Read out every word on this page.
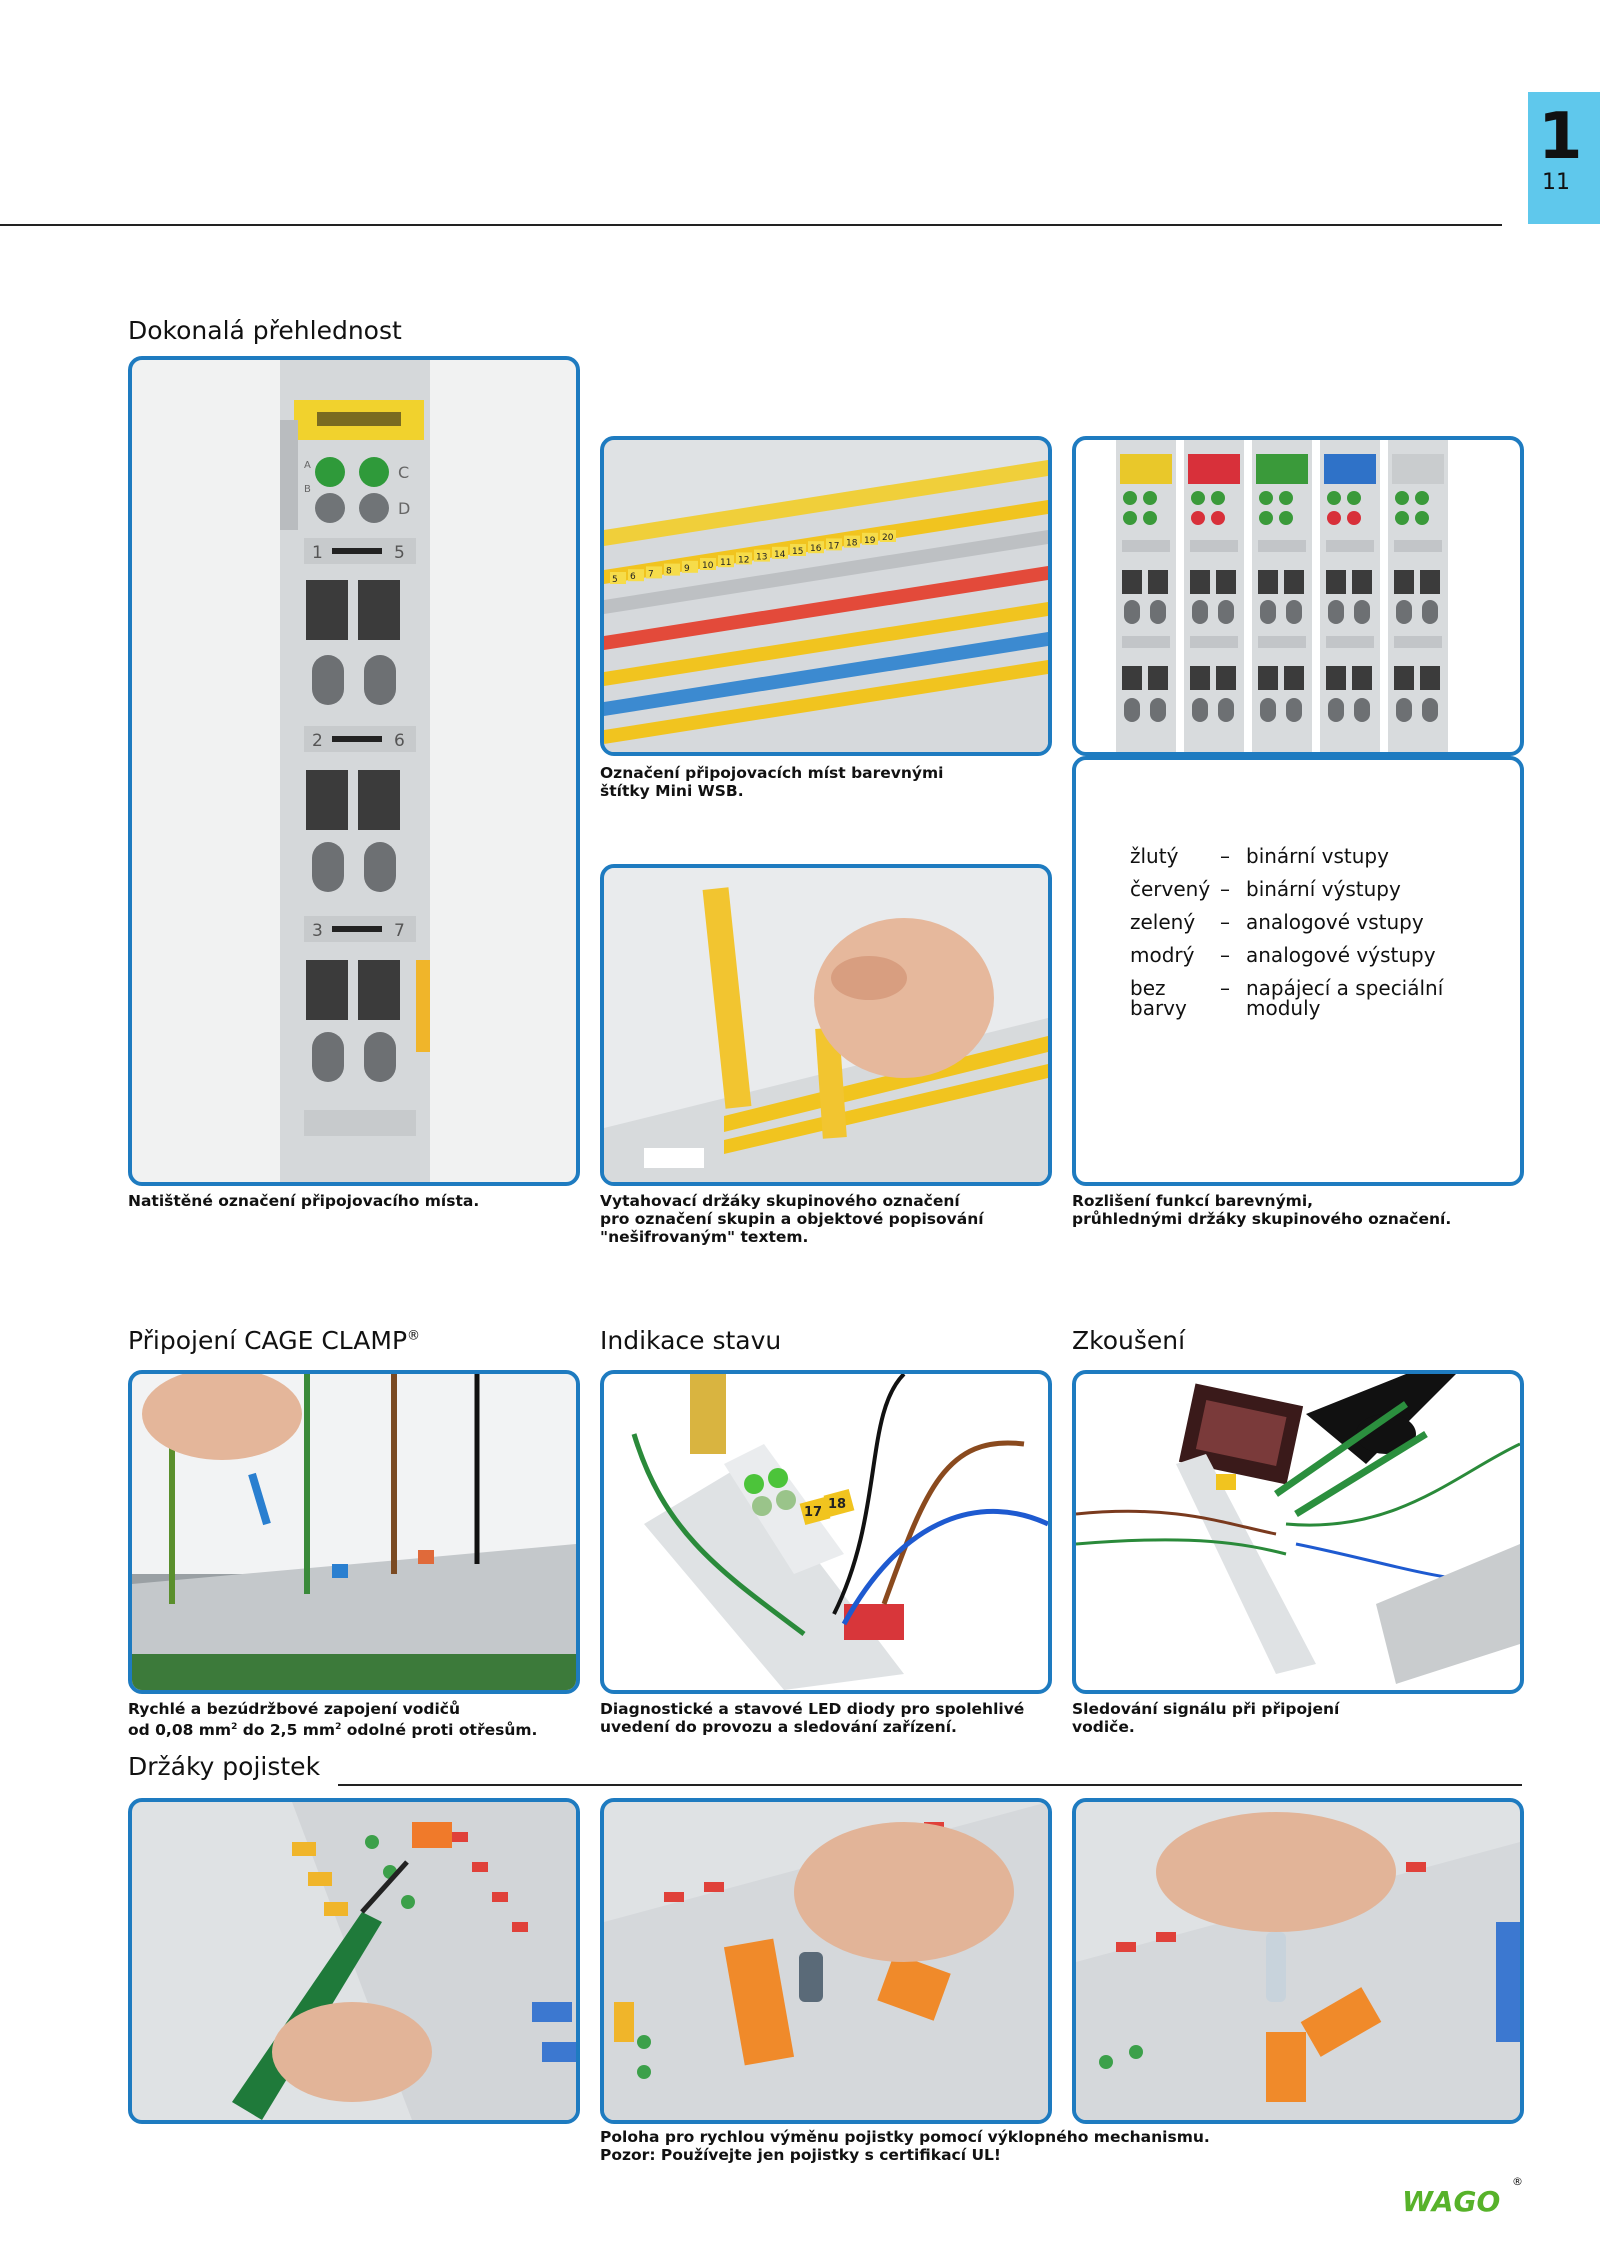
1
11
Dokonalá přehlednost
C
D
A
B
1	5
2	6
3	7
Natištěné označení připojovacího místa.
5 6 7 8 9 10 11 12 13 14 15 16 17 18 19 20
Označení připojovacích míst barevnými
štítky Mini WSB.
Vytahovací držáky skupinového označení
pro označení skupin a objektové popisování
"nešifrovaným" textem.
žlutý	–	binární vstupy
červený	–	binární výstupy
zelený	–	analogové vstupy
modrý	–	analogové výstupy
bez barvy	–	napájecí a speciální moduly
Rozlišení funkcí barevnými,
průhlednými držáky skupinového označení.
Připojení CAGE CLAMP®	Indikace stavu	Zkoušení
Rychlé a bezúdržbové zapojení vodičů
od 0,08 $mm^2$ do 2,5 $mm^2$ odolné proti otřesům.
17
18
Diagnostické a stavové LED diody pro spolehlivé
uvedení do provozu a sledování zařízení.
Sledování signálu při připojení
vodiče.
Držáky pojistek
Poloha pro rychlou výměnu pojistky pomocí výklopného mechanismu.
Pozor: Používejte jen pojistky s certifikací UL!
WAGO
®
